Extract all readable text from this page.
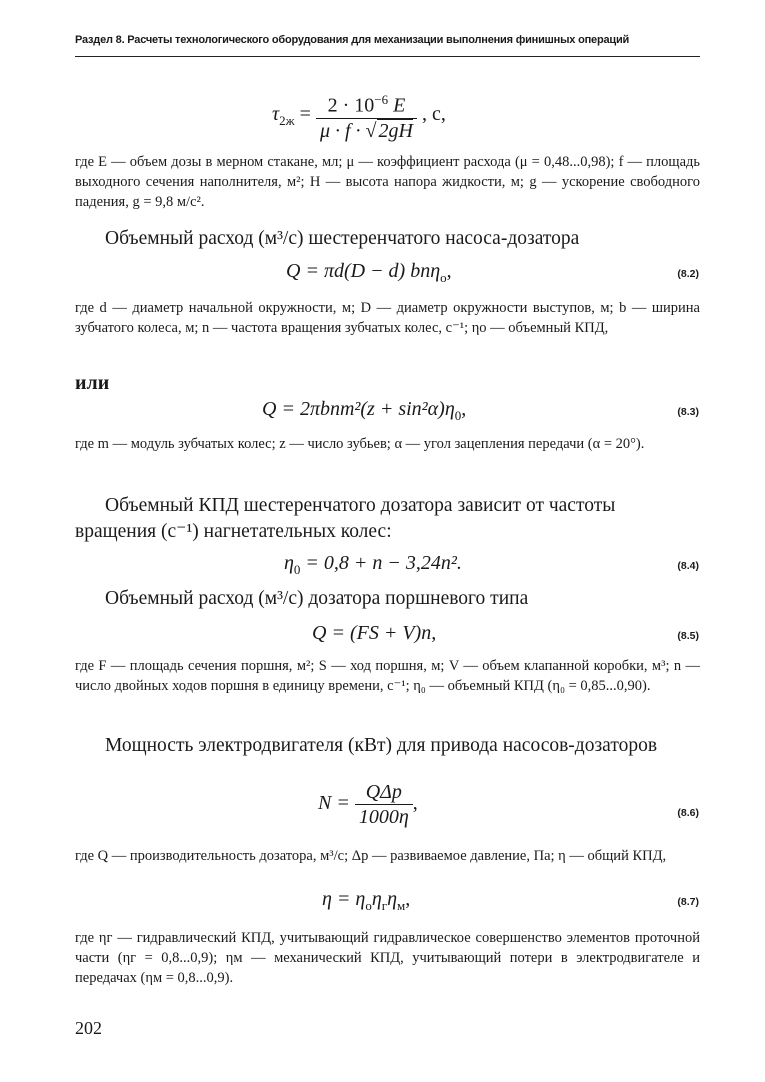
Раздел 8. Расчеты технологического оборудования для механизации выполнения финишных операций
$\tau_{2ж} = \frac{2 \cdot 10^{-6} E}{\mu \cdot f \cdot √ 2gH}$ , с,
где E — объем дозы в мерном стакане, мл; μ — коэффициент расхода (μ = 0,48...0,98); f — площадь выходного сечения наполнителя, м²; H — высота напора жидкости, м; g — ускорение свободного падения, g = 9,8 м/с².
Объемный расход (м³/с) шестеренчатого насоса-дозатора
Q = πd(D − d) bnη$_о$,	(8.2)
где d — диаметр начальной окружности, м; D — диаметр окружности выступов, м; b — ширина зубчатого колеса, м; n — частота вращения зубчатых колес, с⁻¹; ηо — объемный КПД,
или
$Q = 2\pi bnm^2(z + \sin^2\alpha)\eta_0$,	(8.3)
где m — модуль зубчатых колес; z — число зубьев; α — угол зацепления передачи (α = 20°).
Объемный КПД шестеренчатого дозатора зависит от частоты вращения (с⁻¹) нагнетательных колес:
$\eta_0 = 0,8 + n - 3,24n^2$.	(8.4)
Объемный расход (м³/с) дозатора поршневого типа
Q = (FS + V)n,	(8.5)
где F — площадь сечения поршня, м²; S — ход поршня, м; V — объем клапанной коробки, м³; n — число двойных ходов поршня в единицу времени, с⁻¹; η₀ — объемный КПД (η₀ = 0,85...0,90).
Мощность электродвигателя (кВт) для привода насосов-дозаторов
$N = \frac{\text{QΔp}}{1000\eta}$ ,	(8.6)
где Q — производительность дозатора, м³/с; Δp — развиваемое давление, Па; η — общий КПД,
$\eta = \eta_о\eta_г\eta_м$,	(8.7)
где ηг — гидравлический КПД, учитывающий гидравлическое совершенство элементов проточной части (ηг = 0,8...0,9); ηм — механический КПД, учитывающий потери в электродвигателе и передачах (ηм = 0,8...0,9).
202
